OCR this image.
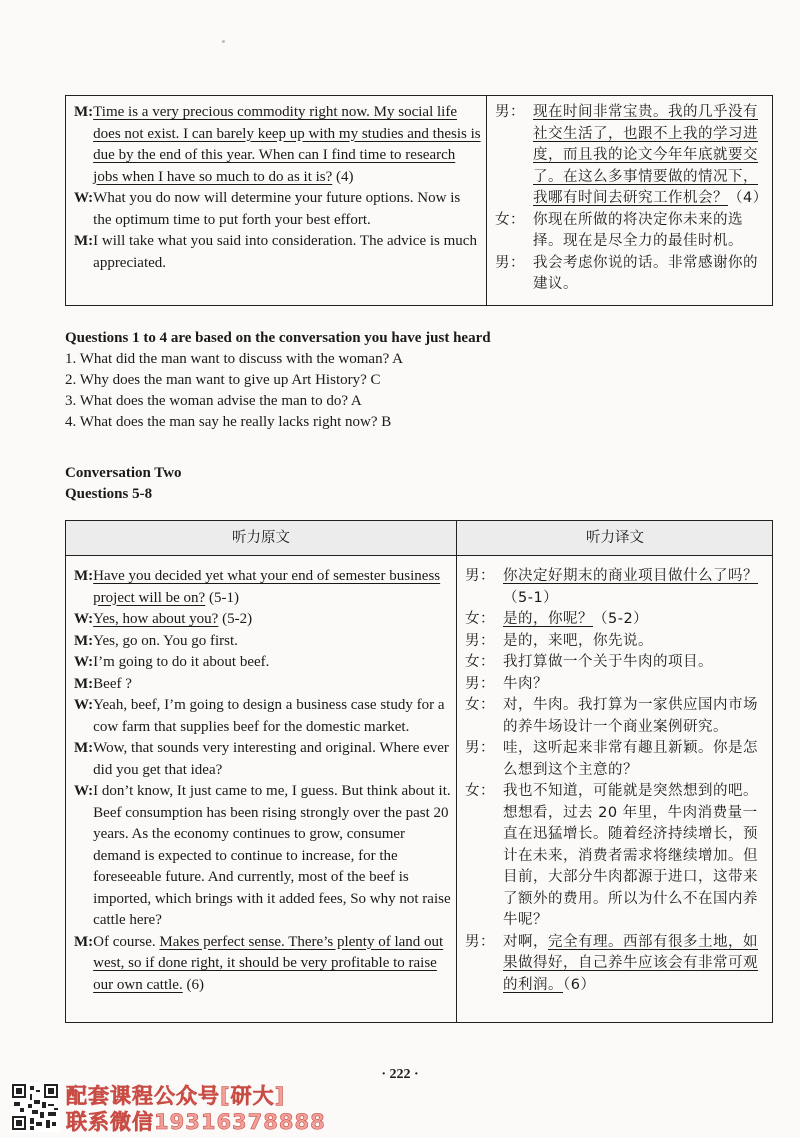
M: Time is a very precious commodity right now. My social life does not exist. I can barely keep up with my studies and thesis is due by the end of this year. When can I find time to research jobs when I have so much to do as it is? (4)
W: What you do now will determine your future options. Now is the optimum time to put forth your best effort.
M: I will take what you said into consideration. The advice is much appreciated.
男： 现在时间非常宝贵。我的几乎没有社交生活了，也跟不上我的学习进度，而且我的论文今年年底就要交了。在这么多事情要做的情况下，我哪有时间去研究工作机会？（4）
女： 你现在所做的将决定你未来的选择。现在是尽全力的最佳时机。
男： 我会考虑你说的话。非常感谢你的建议。
Questions 1 to 4 are based on the conversation you have just heard
1. What did the man want to discuss with the woman? A
2. Why does the man want to give up Art History? C
3. What does the woman advise the man to do? A
4. What does the man say he really lacks right now? B
Conversation Two
Questions 5-8
听力原文	听力译文
M: Have you decided yet what your end of semester business project will be on? (5-1)
W: Yes, how about you? (5-2)
M: Yes, go on. You go first.
W: I’m going to do it about beef.
M: Beef ?
W: Yeah, beef, I’m going to design a business case study for a cow farm that supplies beef for the domestic market.
M: Wow, that sounds very interesting and original. Where ever did you get that idea?
W: I don’t know, It just came to me, I guess. But think about it. Beef consumption has been rising strongly over the past 20 years. As the economy continues to grow, consumer demand is expected to continue to increase, for the foreseeable future. And currently, most of the beef is imported, which brings with it added fees, So why not raise cattle here?
M: Of course. Makes perfect sense. There’s plenty of land out west, so if done right, it should be very profitable to raise our own cattle. (6)
男： 你决定好期末的商业项目做什么了吗？（5-1）
女： 是的，你呢？（5-2）
男： 是的，来吧，你先说。
女： 我打算做一个关于牛肉的项目。
男： 牛肉？
女： 对，牛肉。我打算为一家供应国内市场的养牛场设计一个商业案例研究。
男： 哇，这听起来非常有趣且新颖。你是怎么想到这个主意的？
女： 我也不知道，可能就是突然想到的吧。想想看，过去 20 年里，牛肉消费量一直在迅猛增长。随着经济持续增长，预计在未来，消费者需求将继续增加。但目前，大部分牛肉都源于进口，这带来了额外的费用。所以为什么不在国内养牛呢？
男： 对啊，完全有理。西部有很多土地，如果做得好，自己养牛应该会有非常可观的利润。（6）
· 222 ·
配套课程公众号[研大]
联系微信19316378888
